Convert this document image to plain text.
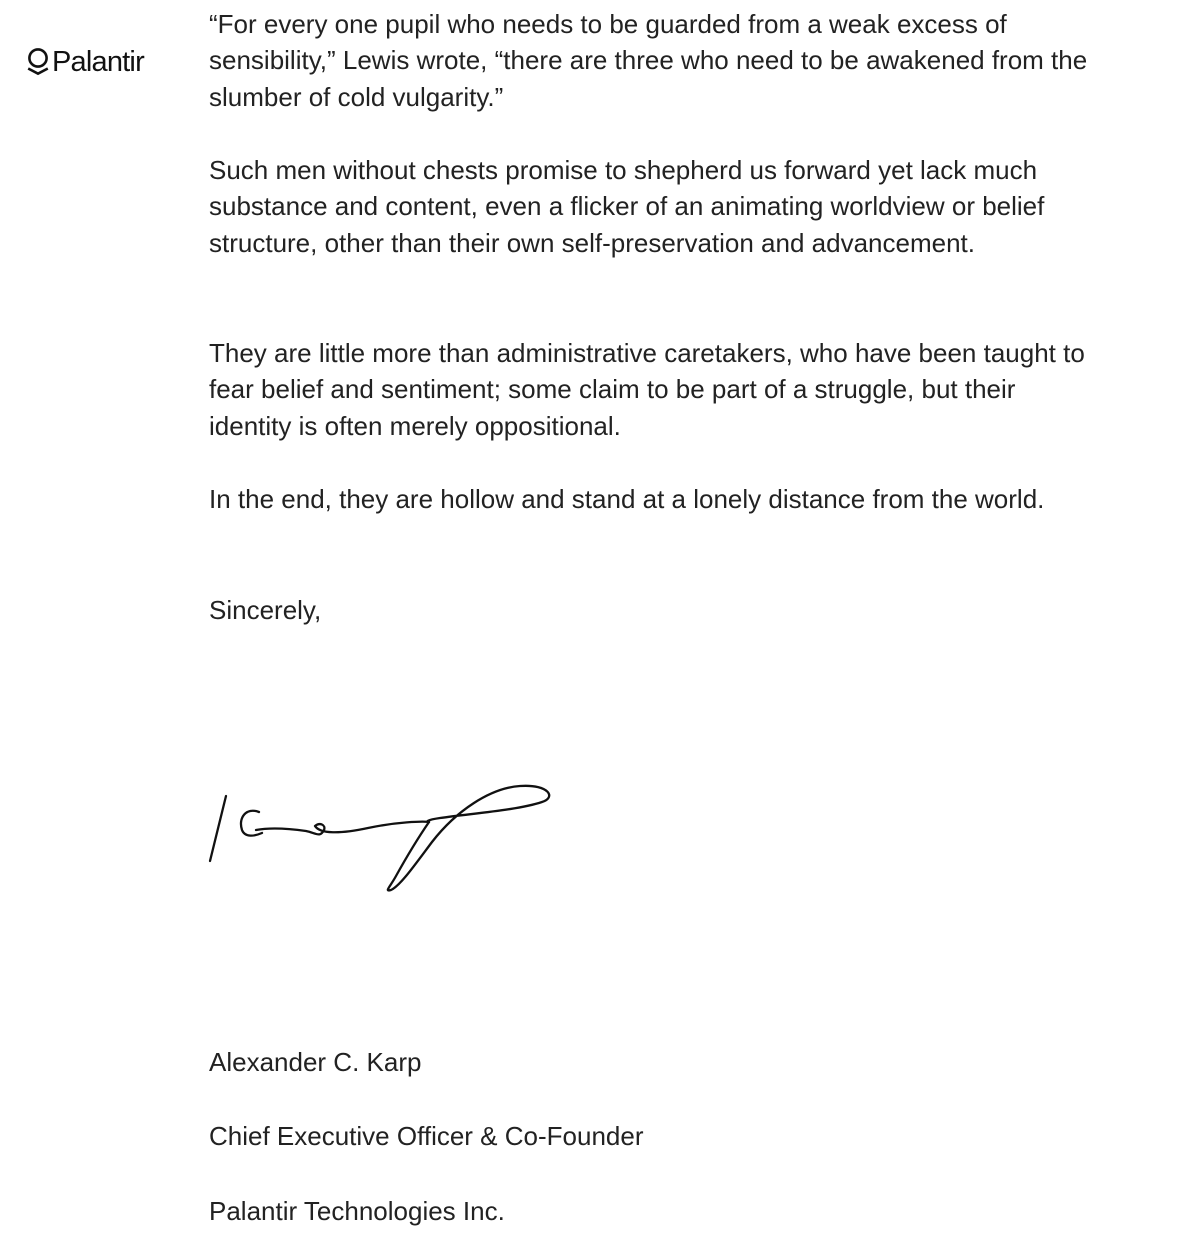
Palantir

“For every one pupil who needs to be guarded from a weak excess of sensibility,” Lewis wrote, “there are three who need to be awakened from the slumber of cold vulgarity.”

Such men without chests promise to shepherd us forward yet lack much substance and content, even a flicker of an animating worldview or belief structure, other than their own self-preservation and advancement.

They are little more than administrative caretakers, who have been taught to fear belief and sentiment; some claim to be part of a struggle, but their identity is often merely oppositional.

In the end, they are hollow and stand at a lonely distance from the world.

Sincerely,

Alexander C. Karp

Chief Executive Officer & Co-Founder

Palantir Technologies Inc.
